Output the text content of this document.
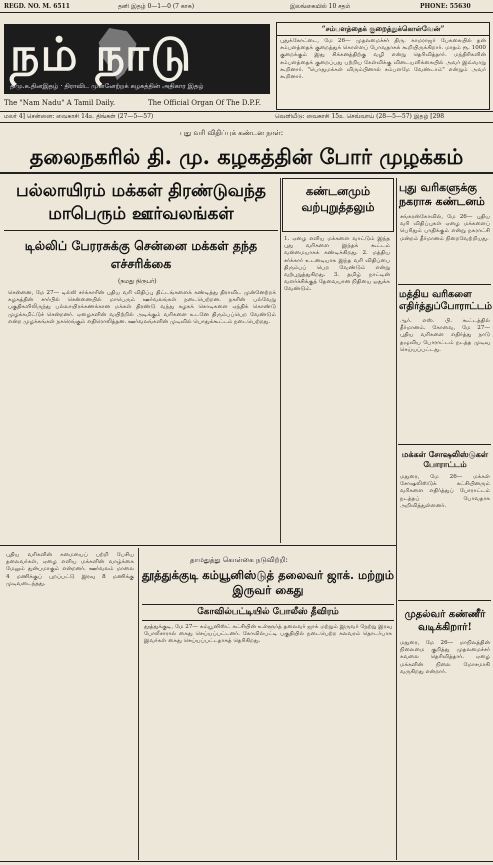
REGD. NO. M. 6511	தனி இதழ் 0—1—0 (7 காசு)	இலங்கையில் 10 சதம்	PHONE: 55630
நம் நாடு
திமு.க.தினஇதழ் · திராவிட முன்னேற்றக் கழகத்தின் அதிகார இதழ்
The "Nam Nadu" A Tamil Daily.	The Official Organ Of The D.P.F.
“சம்பளத்தைக் குறைத்துக்கொள்வேன்”
புதுக்கோட்டை, மே 26— முதலமைச்சர் திரு. காமராஜர் பேசுகையில் தன் சம்பளத்தைக் குறைத்துக் கொள்ளப் போவதாகக் கூறியிருக்கிறார். மாதம் ரூ. 1000 குறைக்கும் இது சிக்கனத்திற்கு வழி என்று தெரிவித்தார். மந்திரிகளின் சம்பளத்தைக் குறைப்பது பற்றிய கேள்விக்கு விடையளிக்கையில் அவர் இவ்வாறு கூறினார். "பொதுமக்கள் விரும்பினால் சம்பளமே வேண்டாம்" என்றும் அவர் கூறினார்.
மலர் 4] சென்னை: வைகாசி 14உ திங்கள் (27—5—57)	வெளியீடு: வைகாசி 15உ செவ்வாய் (28—5—57) இதழ் [298
புது வரி விதிப்புக் கண்டன நாள்:
தலைநகரில் தி. மு. கழகத்தின் போர் முழக்கம்
பல்லாயிரம் மக்கள் திரண்டுவந்த மாபெரும் ஊர்வலங்கள்
டில்லிப் பேரரசுக்கு சென்னை மக்கள் தந்த எச்சரிக்கை
(நமது நிருபர்)
சென்னை, மே 27— டில்லி சர்க்காரின் புதிய வரி விதிப்பு திட்டங்களைக் கண்டித்து திராவிட முன்னேற்றக் கழகத்தின் சார்பில் சென்னையில் மாபெரும் ஊர்வலங்கள் நடைபெற்றன. நகரின் பல்வேறு பகுதிகளிலிருந்து பல்லாயிரக்கணக்கான மக்கள் திரண்டு வந்து கழகக் கொடிகளை ஏந்திக் கொண்டு முழக்கமிட்டுச் சென்றனர். ஏழைகளின் வயிற்றில் அடிக்கும் வரிகளை உடனே திரும்பப்பெற வேண்டும் என்ற முழக்கங்கள் நகரெங்கும் எதிரொலித்தன. ஊர்வலங்களின் முடிவில் பொதுக்கூட்டம் நடைபெற்றது.
கண்டனமும் வற்புறுத்தலும்
1. ஏழை எளிய மக்களை வாட்டும் இந்த புது வரிகளை இந்தக் கூட்டம் வன்மையாகக் கண்டிக்கிறது. 2. மத்திய சர்க்கார் உடனடியாக இந்த வரி விதிப்பை திரும்பப் பெற வேண்டும் என்று வற்புறுத்துகிறது. 3. தமிழ் நாட்டின் வளர்ச்சிக்குத் தேவையான நிதியை ஒதுக்க வேண்டும்.
புது வரிகளுக்கு நகராசு கண்டனம்
சங்கரன்கோவில், மே 26— புதிய வரி விதிப்புகள் ஏழை மக்களைப் பெரிதும் பாதிக்கும் என்று நகராட்சி மன்றம் தீர்மானம் நிறைவேற்றியது.
மத்திய வரிகளை எதிர்த்துப்போராட்டம்
ஆர். எஸ். பி. கூட்டத்தில் தீர்மானம். கோவை, மே 27— புதிய வரிகளை எதிர்த்து நாடு தழுவிய போராட்டம் நடத்த முடிவு செய்யப்பட்டது.
மக்கள் சோஷலிஸ்டுகள் போராட்டம்
மதுரை, மே 26— மக்கள் சோஷலிஸ்டுக் கட்சியினரும் வரிகளை எதிர்த்துப் போராட்டம் நடத்தப் போவதாக அறிவித்துள்ளனர்.
முதல்வர் கண்ணீர் வடிக்கிறார்!
மதுரை, மே 26— மாநிலத்தின் நிலைமை குறித்து முதலமைச்சர் கவலை தெரிவித்தார். ஏழை மக்களின் நிலை மோசமாகி வருகிறது என்றார்.
புதிய வரிகளின் சுமையைப் பற்றி பேசிய தலைவர்கள், ஏழை எளிய மக்களின் வாழ்க்கை மேலும் துன்பமாகும் என்றனர். ஊர்வலம் மாலை 4 மணிக்குப் புறப்பட்டு இரவு 8 மணிக்கு முடிவடைந்தது.
தாமதுத்து கொள்கை நடுவிற்றி:
தூத்துக்குடி கம்யூனிஸ்டுத் தலைவர் ஜாக். மற்றும் இருவர் கைது
கோவில்பட்டியில் போலீஸ் தீவிரம்
தூத்துக்குடி, மே 27— கம்யூனிஸ்ட் கட்சியின் உள்ளூர்த் தலைவர் ஜாக் மற்றும் இருவர் நேற்று இரவு போலீசாரால் கைது செய்யப்பட்டனர். கோவில்பட்டி பகுதியில் நடைபெற்ற கலவரம் தொடர்பாக இவர்கள் கைது செய்யப்பட்டதாகத் தெரிகிறது.
